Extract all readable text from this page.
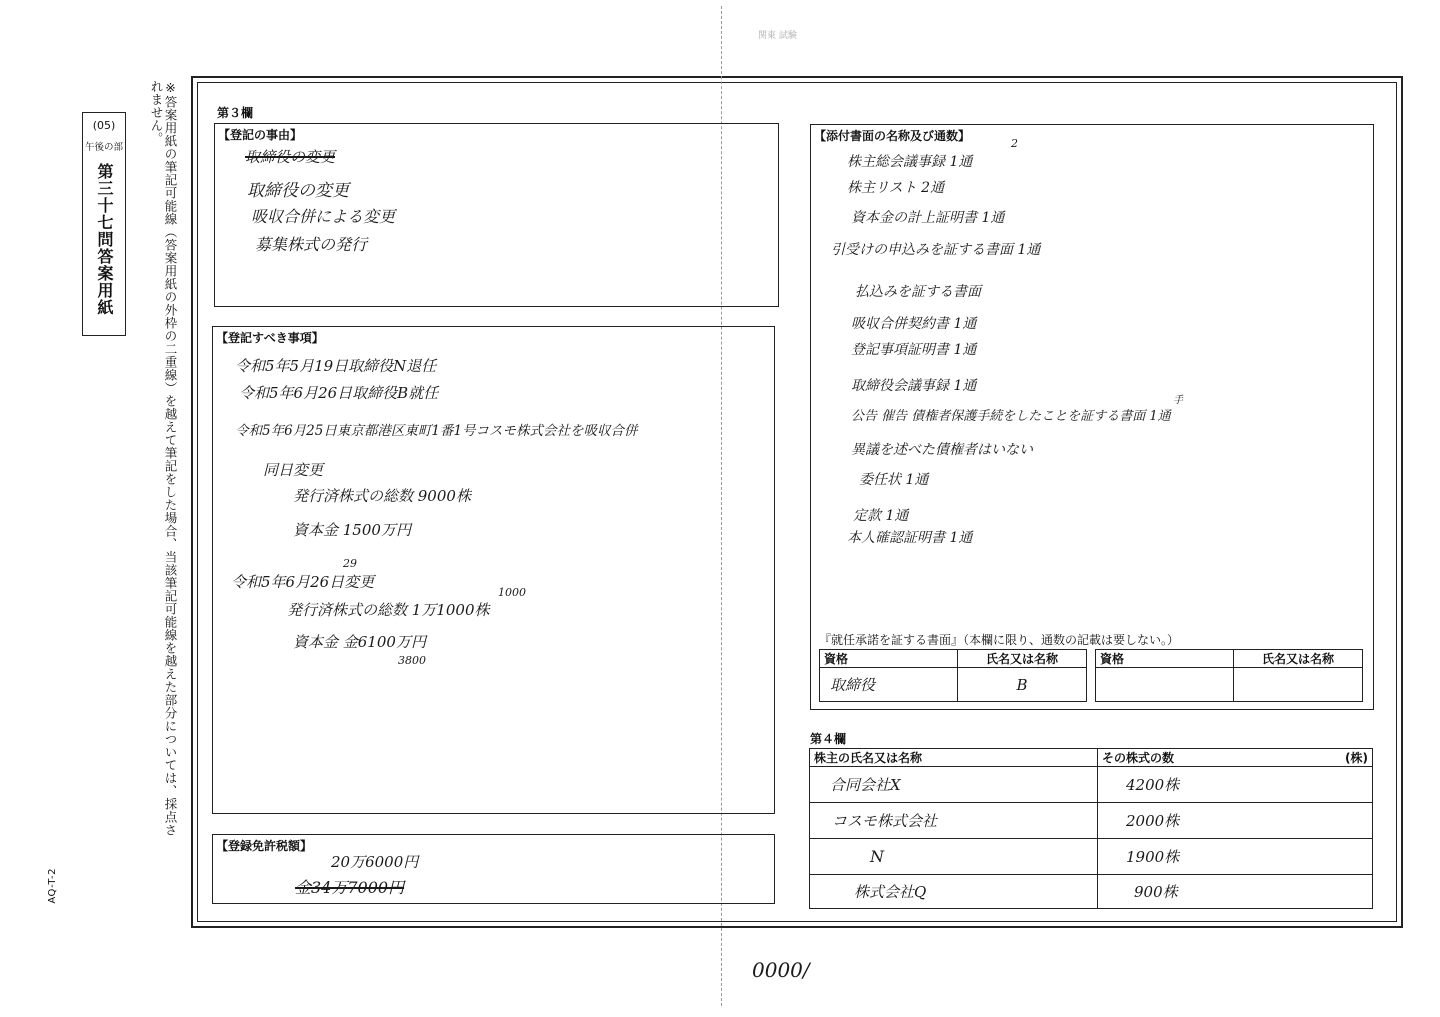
(05)
午後の部
第三十七問答案用紙	※答案用紙の筆記可能線（答案用紙の外枠の二重線）を越えて筆記をした場合、当該筆記可能線を越えた部分については、採点されません。
AQ-T-2
関東 試験
第３欄
【登記の事由】
取締役の変更
取締役の変更
吸収合併による変更
募集株式の発行
【登記すべき事項】
令和5年5月19日取締役N退任
令和5年6月26日取締役B就任
令和5年6月25日東京都港区東町1番1号コスモ株式会社を吸収合併
同日変更
発行済株式の総数 9000株
資本金 1500万円
29
令和5年6月26日変更
1000
発行済株式の総数 1万1000株
資本金 金6100万円
3800
【登録免許税額】
20万6000円
金34万7000円
【添付書面の名称及び通数】
2
株主総会議事録 1通
株主リスト 2通
資本金の計上証明書 1通
引受けの申込みを証する書面 1通
払込みを証する書面
吸収合併契約書 1通
登記事項証明書 1通
取締役会議事録 1通
手
公告 催告 債権者保護手続をしたことを証する書面 1通
異議を述べた債権者はいない
委任状 1通
定款 1通
本人確認証明書 1通
『就任承諾を証する書面』（本欄に限り、通数の記載は要しない。）
資格	氏名又は名称
取締役	B
資格	氏名又は名称

第４欄
株主の氏名又は名称	その株式の数 (株)

合同会社X	4200株
コスモ株式会社	2000株
N	1900株
株式会社Q	900株
0000/
